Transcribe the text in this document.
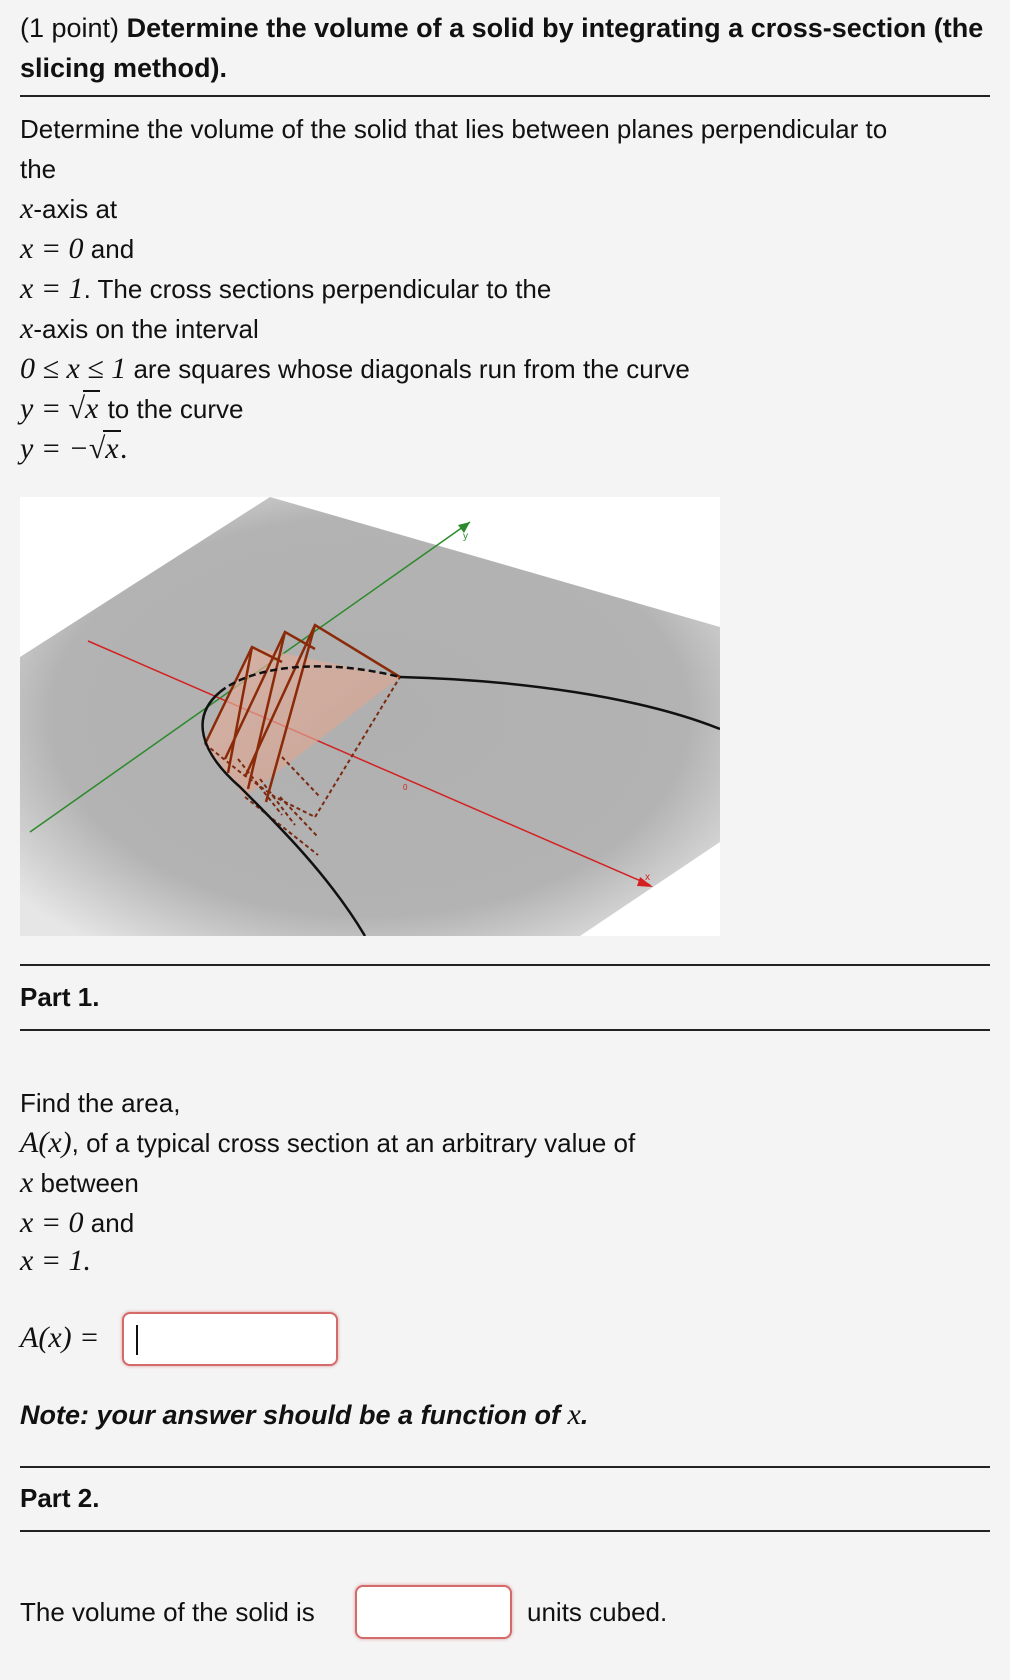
(1 point) Determine the volume of a solid by integrating a cross-section (the slicing method).
Determine the volume of the solid that lies between planes perpendicular to
the
x-axis at
x = 0 and
x = 1. The cross sections perpendicular to the
x-axis on the interval
0 ≤ x ≤ 1 are squares whose diagonals run from the curve
y = √x to the curve
y = −√x.
y
x
0
Part 1.
Find the area,
A(x), of a typical cross section at an arbitrary value of
x between
x = 0 and
x = 1.
A(x) =
Note: your answer should be a function of x.
Part 2.
The volume of the solid is	units cubed.
